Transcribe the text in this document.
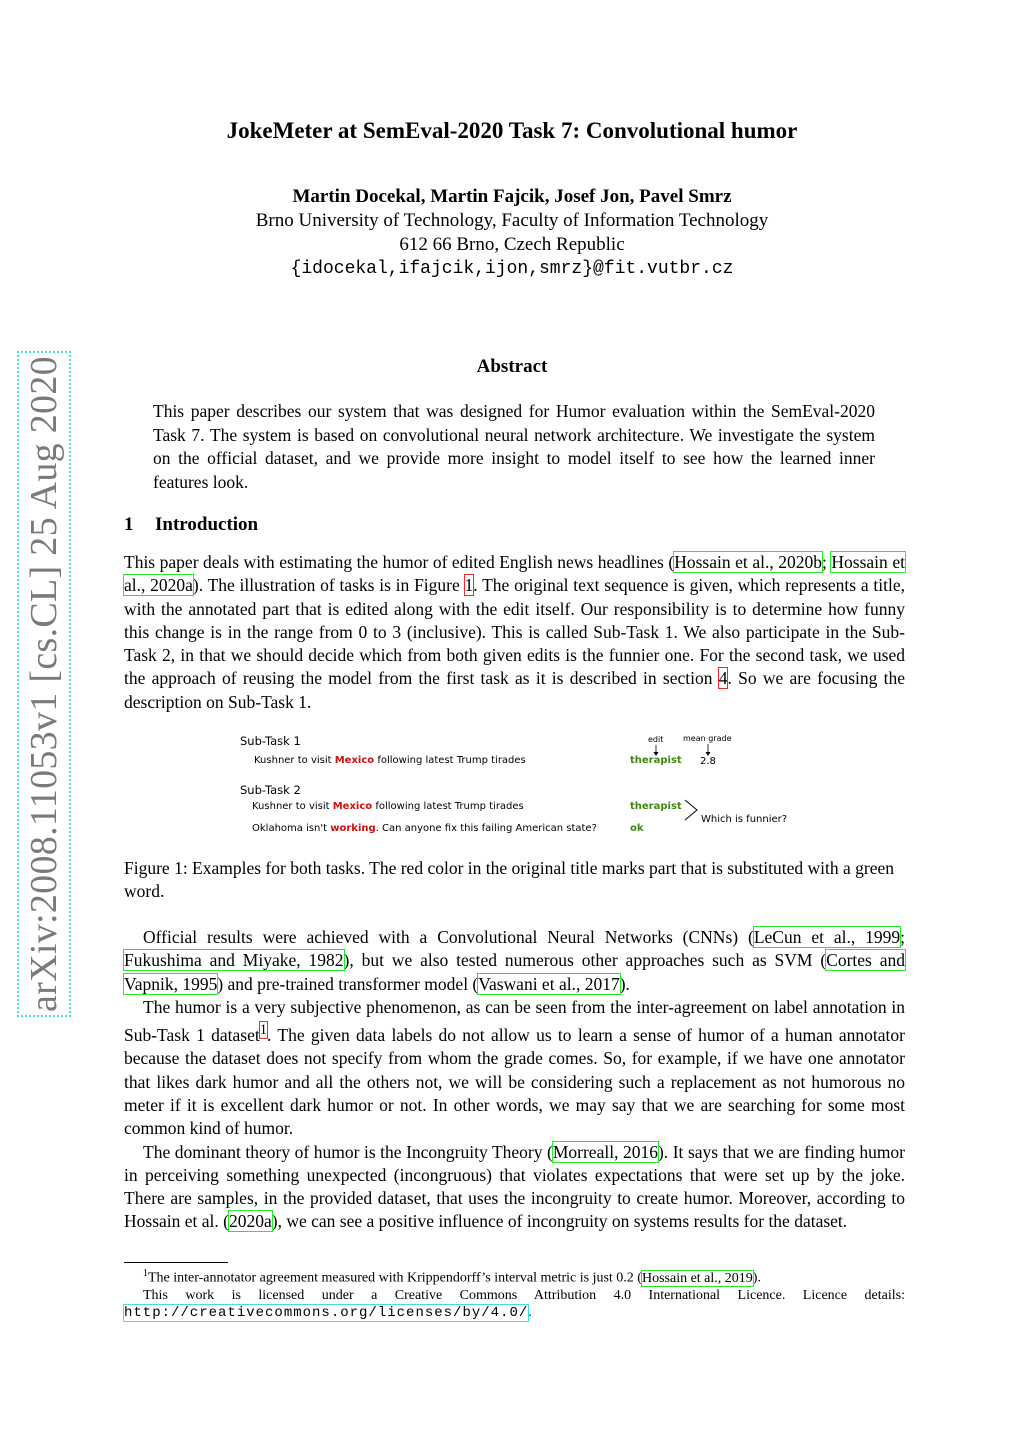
arXiv:2008.11053v1 [cs.CL] 25 Aug 2020
JokeMeter at SemEval-2020 Task 7: Convolutional humor
Martin Docekal, Martin Fajcik, Josef Jon, Pavel Smrz
Brno University of Technology, Faculty of Information Technology
612 66 Brno, Czech Republic
{idocekal,ifajcik,ijon,smrz}@fit.vutbr.cz
Abstract
This paper describes our system that was designed for Humor evaluation within the SemEval-2020 Task 7. The system is based on convolutional neural network architecture. We investigate the system on the official dataset, and we provide more insight to model itself to see how the learned inner features look.
1 Introduction
This paper deals with estimating the humor of edited English news headlines (Hossain et al., 2020b; Hossain et al., 2020a). The illustration of tasks is in Figure 1. The original text sequence is given, which represents a title, with the annotated part that is edited along with the edit itself. Our responsibility is to determine how funny this change is in the range from 0 to 3 (inclusive). This is called Sub-Task 1. We also participate in the Sub-Task 2, in that we should decide which from both given edits is the funnier one. For the second task, we used the approach of reusing the model from the first task as it is described in section 4. So we are focusing the description on Sub-Task 1.
Sub-Task 1	edit mean grade
Kushner to visit Mexico following latest Trump tirades	therapist 2.8
Sub-Task 2
Kushner to visit Mexico following latest Trump tirades	therapist
Oklahoma isn't working. Can anyone fix this failing American state?	ok
Which is funnier?
Figure 1: Examples for both tasks. The red color in the original title marks part that is substituted with a green word.
Official results were achieved with a Convolutional Neural Networks (CNNs) (LeCun et al., 1999; Fukushima and Miyake, 1982), but we also tested numerous other approaches such as SVM (Cortes and Vapnik, 1995) and pre-trained transformer model (Vaswani et al., 2017).
The humor is a very subjective phenomenon, as can be seen from the inter-agreement on label annotation in Sub-Task 1 dataset$^1$. The given data labels do not allow us to learn a sense of humor of a human annotator because the dataset does not specify from whom the grade comes. So, for example, if we have one annotator that likes dark humor and all the others not, we will be considering such a replacement as not humorous no meter if it is excellent dark humor or not. In other words, we may say that we are searching for some most common kind of humor.
The dominant theory of humor is the Incongruity Theory (Morreall, 2016). It says that we are finding humor in perceiving something unexpected (incongruous) that violates expectations that were set up by the joke. There are samples, in the provided dataset, that uses the incongruity to create humor. Moreover, according to Hossain et al. (2020a), we can see a positive influence of incongruity on systems results for the dataset.
$^1$The inter-annotator agreement measured with Krippendorff’s interval metric is just 0.2 (Hossain et al., 2019).
This work is licensed under a Creative Commons Attribution 4.0 International Licence. Licence details: http://creativecommons.org/licenses/by/4.0/.
